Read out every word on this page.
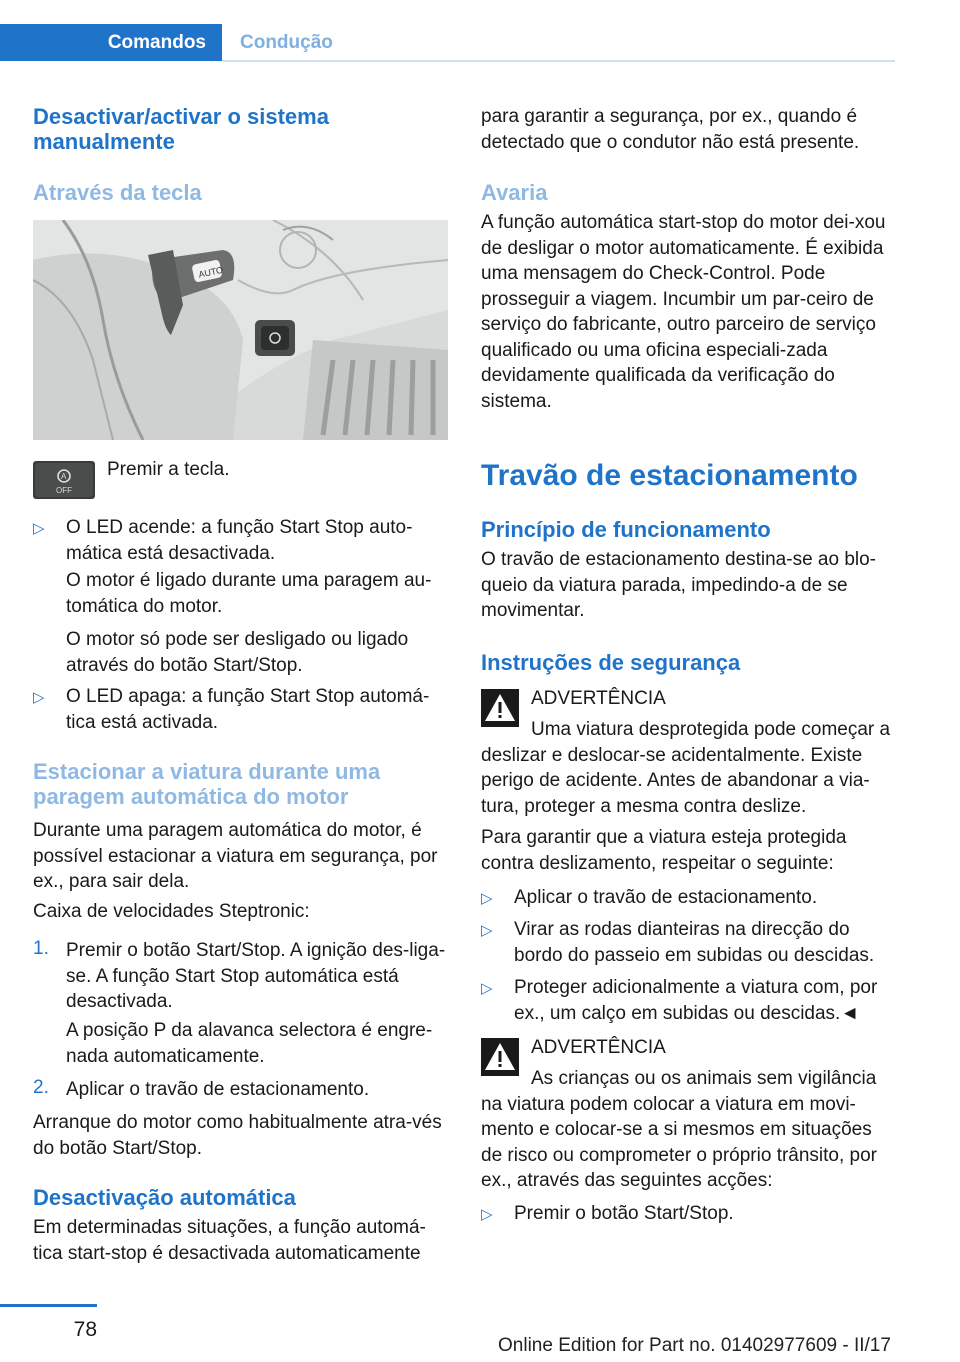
Comandos	Condução
Desactivar/activar o sistema manualmente
Através da tecla
AUTO
A
OFF

Premir a tecla.

▷ O LED acende: a função Start Stop auto‐mática está desactivada.
O motor é ligado durante uma paragem au‐tomática do motor.
O motor só pode ser desligado ou ligado através do botão Start/Stop.
▷ O LED apaga: a função Start Stop automá‐tica está activada.
Estacionar a viatura durante uma paragem automática do motor

Durante uma paragem automática do motor, é possível estacionar a viatura em segurança, por ex., para sair dela.

Caixa de velocidades Steptronic:

1. Premir o botão Start/Stop. A ignição des‐liga-se. A função Start Stop automática está desactivada.
A posição P da alavanca selectora é engre‐nada automaticamente.
2. Aplicar o travão de estacionamento.

Arranque do motor como habitualmente atra‐vés do botão Start/Stop.

Desactivação automática

Em determinadas situações, a função automá‐tica start-stop é desactivada automaticamente

para garantir a segurança, por ex., quando é detectado que o condutor não está presente.

Avaria

A função automática start-stop do motor dei‐xou de desligar o motor automaticamente. É exibida uma mensagem do Check-Control. Pode prosseguir a viagem. Incumbir um par‐ceiro de serviço do fabricante, outro parceiro de serviço qualificado ou uma oficina especiali‐zada devidamente qualificada da verificação do sistema.

Travão de estacionamento
Princípio de funcionamento

O travão de estacionamento destina-se ao blo‐queio da viatura parada, impedindo-a de se movimentar.

Instruções de segurança

ADVERTÊNCIA

Uma viatura desprotegida pode começar a deslizar e deslocar-se acidentalmente. Existe perigo de acidente. Antes de abandonar a via‐tura, proteger a mesma contra deslize.

Para garantir que a viatura esteja protegida contra deslizamento, respeitar o seguinte:

▷ Aplicar o travão de estacionamento.
▷ Virar as rodas dianteiras na direcção do bordo do passeio em subidas ou descidas.
▷ Proteger adicionalmente a viatura com, por ex., um calço em subidas ou descidas.◄

ADVERTÊNCIA

As crianças ou os animais sem vigilância na viatura podem colocar a viatura em movi‐mento e colocar-se a si mesmos em situações de risco ou comprometer o próprio trânsito, por ex., através das seguintes acções:

▷ Premir o botão Start/Stop.
78
Online Edition for Part no. 01402977609 - II/17
